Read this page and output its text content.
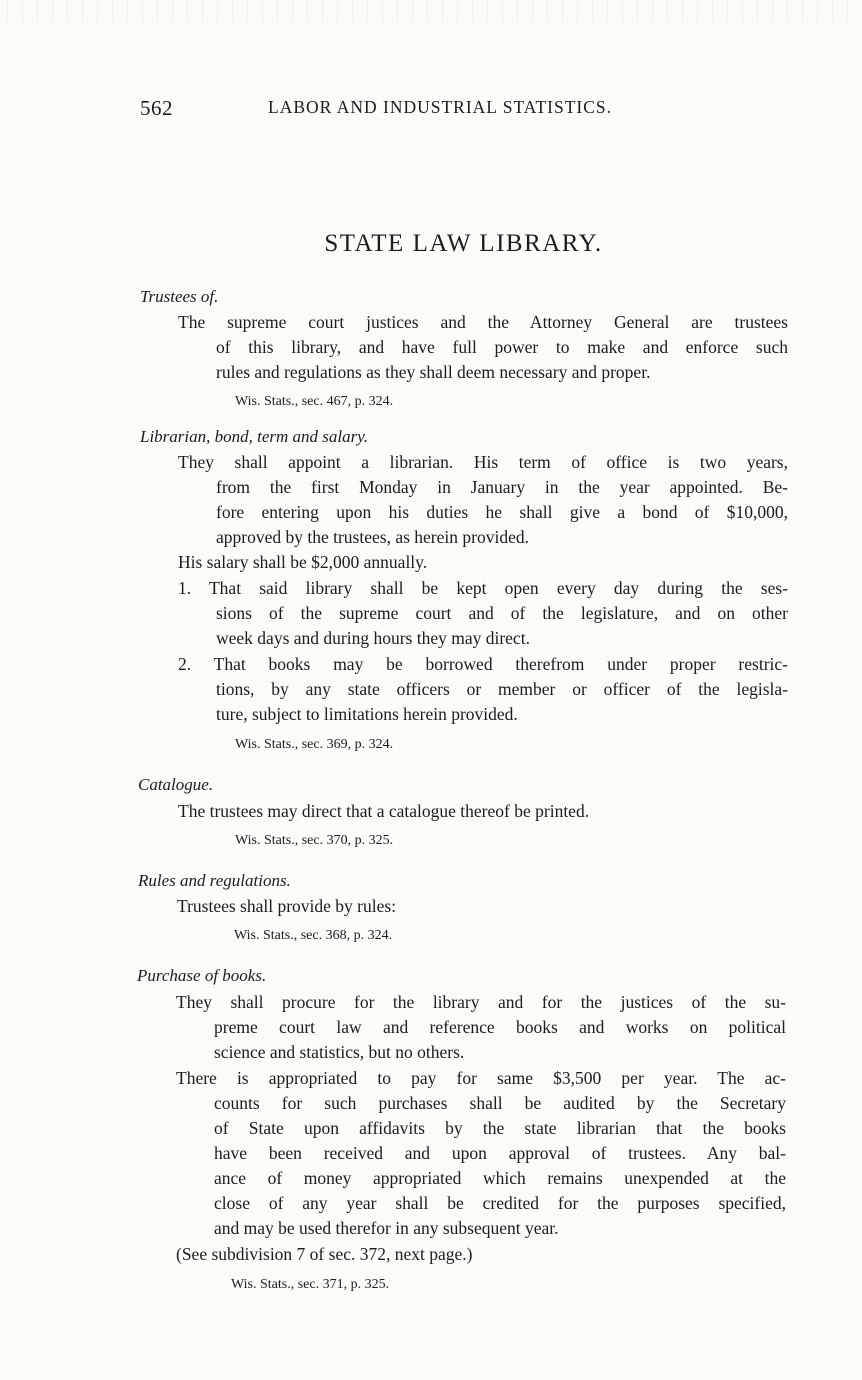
562	LABOR AND INDUSTRIAL STATISTICS.
STATE LAW LIBRARY.
Trustees of.
The supreme court justices and the Attorney General are trustees
of this library, and have full power to make and enforce such
rules and regulations as they shall deem necessary and proper.
Wis. Stats., sec. 467, p. 324.
Librarian, bond, term and salary.
They shall appoint a librarian. His term of office is two years,
from the first Monday in January in the year appointed. Be-
fore entering upon his duties he shall give a bond of $10,000,
approved by the trustees, as herein provided.
His salary shall be $2,000 annually.
1. That said library shall be kept open every day during the ses-
sions of the supreme court and of the legislature, and on other
week days and during hours they may direct.
2. That books may be borrowed therefrom under proper restric-
tions, by any state officers or member or officer of the legisla-
ture, subject to limitations herein provided.
Wis. Stats., sec. 369, p. 324.
Catalogue.
The trustees may direct that a catalogue thereof be printed.
Wis. Stats., sec. 370, p. 325.
Rules and regulations.
Trustees shall provide by rules:
Wis. Stats., sec. 368, p. 324.
Purchase of books.
They shall procure for the library and for the justices of the su-
preme court law and reference books and works on political
science and statistics, but no others.
There is appropriated to pay for same $3,500 per year. The ac-
counts for such purchases shall be audited by the Secretary
of State upon affidavits by the state librarian that the books
have been received and upon approval of trustees. Any bal-
ance of money appropriated which remains unexpended at the
close of any year shall be credited for the purposes specified,
and may be used therefor in any subsequent year.
(See subdivision 7 of sec. 372, next page.)
Wis. Stats., sec. 371, p. 325.
